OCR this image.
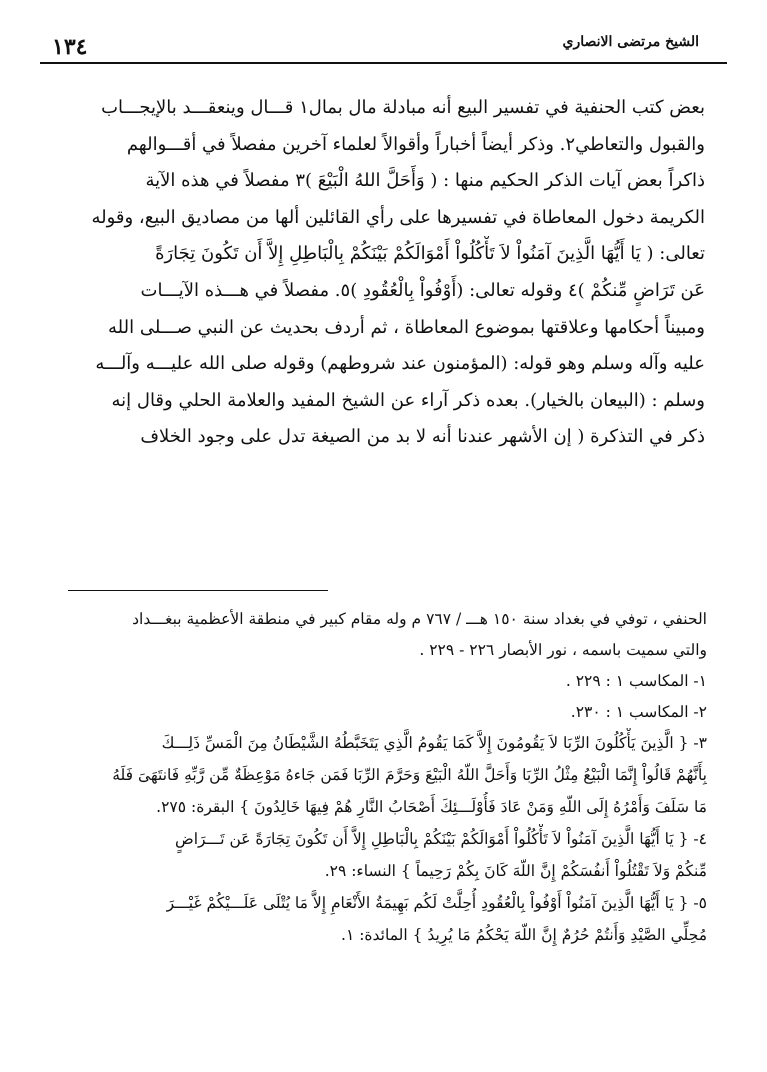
١٣٤	الشيخ مرتضى الانصاري

بعض كتب الحنفية في تفسير البيع أنه مبادلة مال بمال١ قـــال وينعقـــد بالإيجـــاب

والقبول والتعاطي٢. وذكر أيضاً أخباراً وأقوالاً لعلماء آخرين مفصلاً في أقـــوالهم

ذاكراً بعض آيات الذكر الحكيم منها : ( وَأَحَلَّ اللهُ الْبَيْعَ )٣ مفصلاً في هذه الآية

الكريمة دخول المعاطاة في تفسيرها على رأي القائلين ألها من مصاديق البيع، وقوله

تعالى: ( يَا أَيُّهَا الَّذِينَ آمَنُواْ لاَ تَأْكُلُواْ أَمْوَالَكُمْ بَيْنَكُمْ بِالْبَاطِلِ إِلاَّ أَن تَكُونَ تِجَارَةً

عَن تَرَاضٍ مِّنكُمْ )٤ وقوله تعالى: (أَوْفُواْ بِالْعُقُودِ )٥. مفصلاً في هـــذه الآيـــات

ومبيناً أحكامها وعلاقتها بموضوع المعاطاة ، ثم أردف بحديث عن النبي صـــلى الله

عليه وآله وسلم وهو قوله: (المؤمنون عند شروطهم) وقوله صلى الله عليـــه وآلـــه

وسلم : (البيعان بالخيار). بعده ذكر آراء عن الشيخ المفيد والعلامة الحلي وقال إنه

ذكر في التذكرة ( إن الأشهر عندنا أنه لا بد من الصيغة تدل على وجود الخلاف

الحنفي ، توفي في بغداد سنة ١٥٠ هـــ / ٧٦٧ م وله مقام كبير في منطقة الأعظمية ببغـــداد

والتي سميت باسمه ، نور الأبصار ٢٢٦ - ٢٢٩ .

١- المكاسب ١ : ٢٢٩ .

٢- المكاسب ١ : ٢٣٠.

٣- { الَّذِينَ يَأْكُلُونَ الرِّبَا لاَ يَقُومُونَ إِلاَّ كَمَا يَقُومُ الَّذِي يَتَخَبَّطُهُ الشَّيْطَانُ مِنَ الْمَسِّ ذَلِـــكَ

بِأَنَّهُمْ قَالُواْ إِنَّمَا الْبَيْعُ مِثْلُ الرِّبَا وَأَحَلَّ اللّهُ الْبَيْعَ وَحَرَّمَ الرِّبَا فَمَن جَاءهُ مَوْعِظَةٌ مِّن رَّبِّهِ فَانتَهَىَ فَلَهُ

مَا سَلَفَ وَأَمْرُهُ إِلَى اللّهِ وَمَنْ عَادَ فَأُوْلَـــئِكَ أَصْحَابُ النَّارِ هُمْ فِيهَا خَالِدُونَ } البقرة: ٢٧٥.

٤- { يَا أَيُّهَا الَّذِينَ آمَنُواْ لاَ تَأْكُلُواْ أَمْوَالَكُمْ بَيْنَكُمْ بِالْبَاطِلِ إِلاَّ أَن تَكُونَ تِجَارَةً عَن تَـــرَاضٍ

مِّنكُمْ وَلاَ تَقْتُلُواْ أَنفُسَكُمْ إِنَّ اللّهَ كَانَ بِكُمْ رَحِيماً } النساء: ٢٩.

٥- { يَا أَيُّهَا الَّذِينَ آمَنُواْ أَوْفُواْ بِالْعُقُودِ أُحِلَّتْ لَكُم بَهِيمَةُ الأَنْعَامِ إِلاَّ مَا يُتْلَى عَلَـــيْكُمْ غَيْـــرَ

مُحِلِّي الصَّيْدِ وَأَنتُمْ حُرُمٌ إِنَّ اللّهَ يَحْكُمُ مَا يُرِيدُ } المائدة: ١.
